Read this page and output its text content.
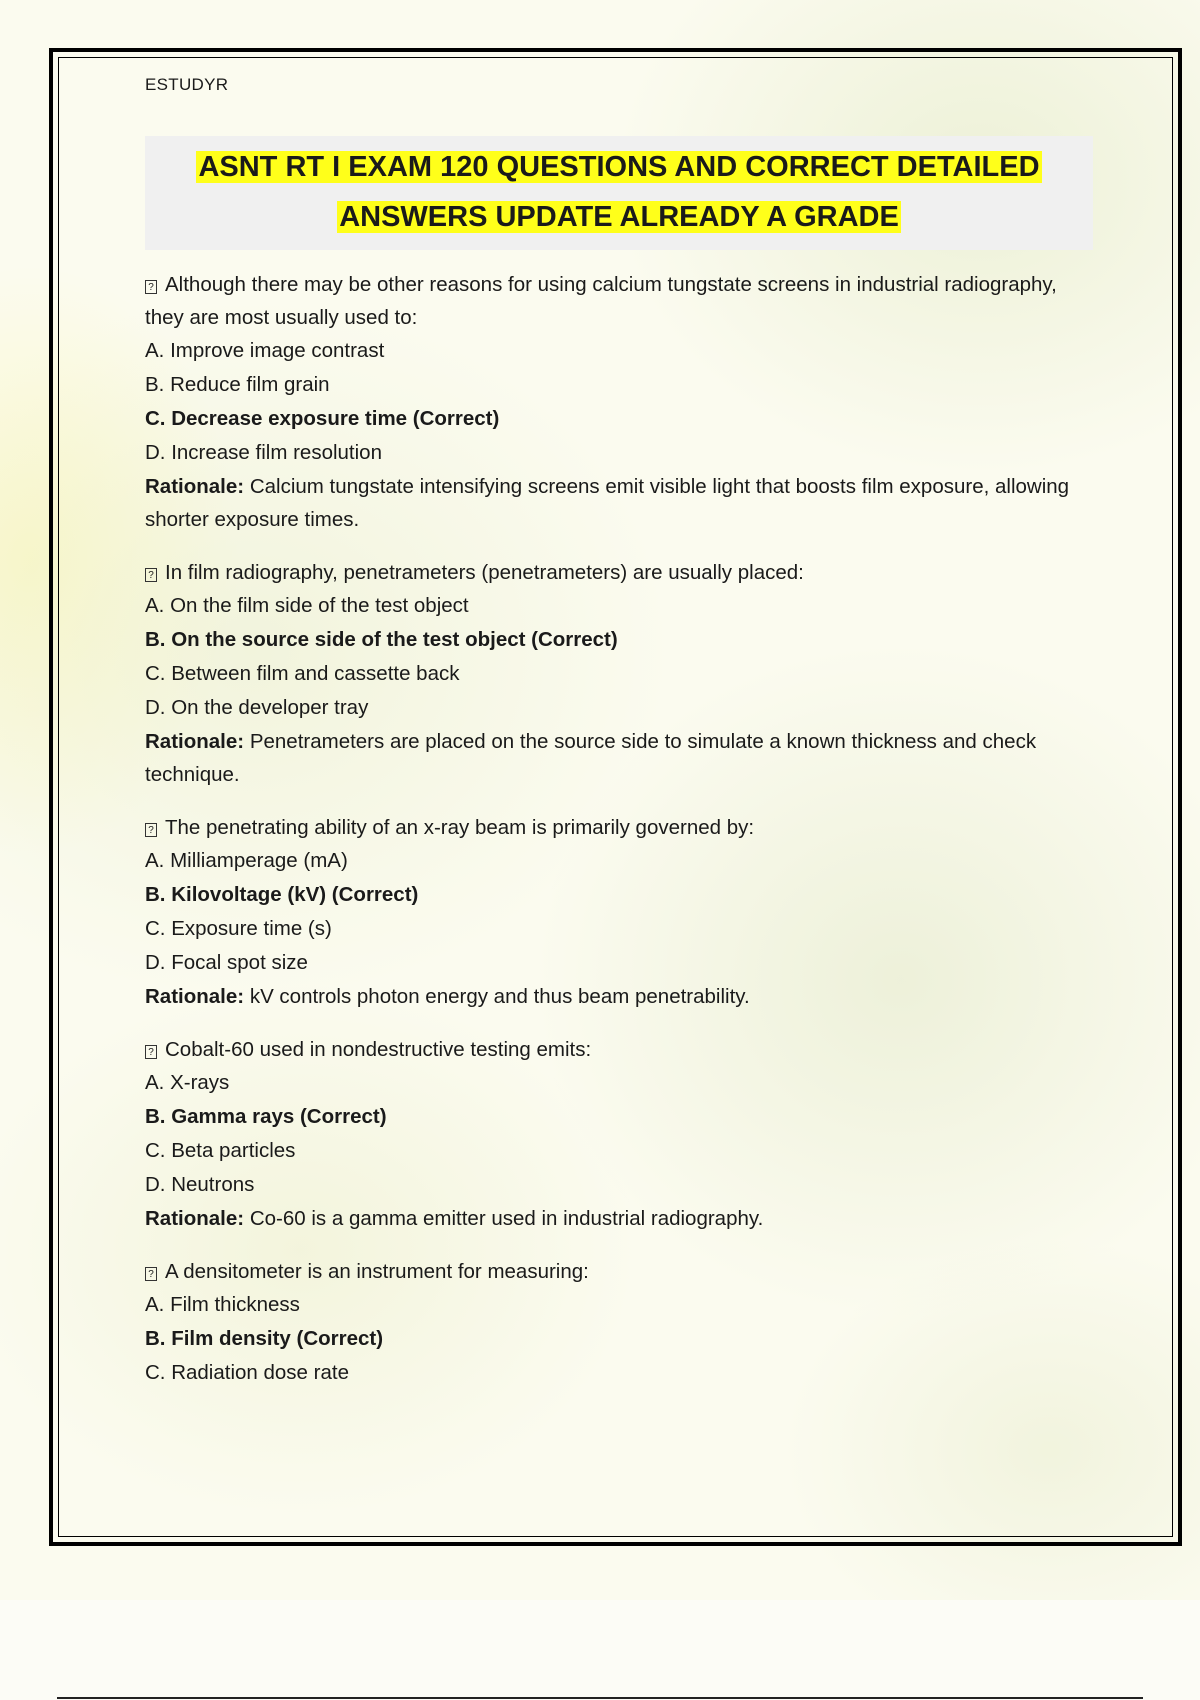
ESTUDYR
ASNT RT I EXAM 120 QUESTIONS AND CORRECT DETAILED
ANSWERS UPDATE ALREADY A GRADE
? Although there may be other reasons for using calcium tungstate screens in industrial radiography, they are most usually used to:
A. Improve image contrast
B. Reduce film grain
C. Decrease exposure time (Correct)
D. Increase film resolution
Rationale: Calcium tungstate intensifying screens emit visible light that boosts film exposure, allowing shorter exposure times.
? In film radiography, penetrameters (penetrameters) are usually placed:
A. On the film side of the test object
B. On the source side of the test object (Correct)
C. Between film and cassette back
D. On the developer tray
Rationale: Penetrameters are placed on the source side to simulate a known thickness and check technique.
? The penetrating ability of an x-ray beam is primarily governed by:
A. Milliamperage (mA)
B. Kilovoltage (kV) (Correct)
C. Exposure time (s)
D. Focal spot size
Rationale: kV controls photon energy and thus beam penetrability.
? Cobalt-60 used in nondestructive testing emits:
A. X-rays
B. Gamma rays (Correct)
C. Beta particles
D. Neutrons
Rationale: Co-60 is a gamma emitter used in industrial radiography.
? A densitometer is an instrument for measuring:
A. Film thickness
B. Film density (Correct)
C. Radiation dose rate
